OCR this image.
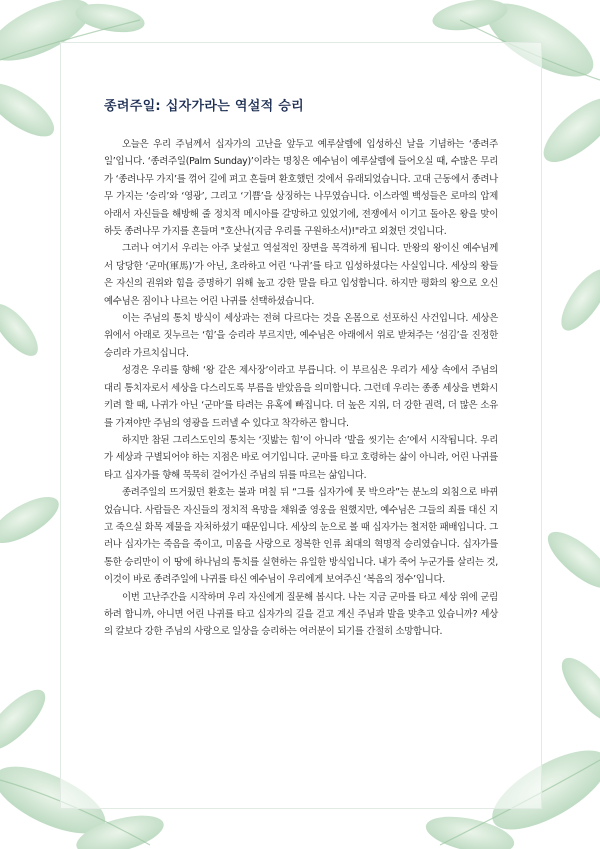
종려주일: 십자가라는 역설적 승리

오늘은 우리 주님께서 십자가의 고난을 앞두고 예루살렘에 입성하신 날을 기념하는 ‘종려주일’입니다. ‘종려주일(Palm Sunday)’이라는 명칭은 예수님이 예루살렘에 들어오실 때, 수많은 무리가 ‘종려나무 가지’를 꺾어 길에 펴고 흔들며 환호했던 것에서 유래되었습니다. 고대 근동에서 종려나무 가지는 ‘승리’와 ‘영광’, 그리고 ‘기쁨’을 상징하는 나무였습니다. 이스라엘 백성들은 로마의 압제 아래서 자신들을 해방해 줄 정치적 메시아를 갈망하고 있었기에, 전쟁에서 이기고 돌아온 왕을 맞이하듯 종려나무 가지를 흔들며 "호산나(지금 우리를 구원하소서)!"라고 외쳤던 것입니다.

그러나 여기서 우리는 아주 낯설고 역설적인 장면을 목격하게 됩니다. 만왕의 왕이신 예수님께서 당당한 ‘군마(軍馬)’가 아닌, 초라하고 어린 ‘나귀’를 타고 입성하셨다는 사실입니다. 세상의 왕들은 자신의 권위와 힘을 증명하기 위해 높고 강한 말을 타고 입성합니다. 하지만 평화의 왕으로 오신 예수님은 짐이나 나르는 어린 나귀를 선택하셨습니다.

이는 주님의 통치 방식이 세상과는 전혀 다르다는 것을 온몸으로 선포하신 사건입니다. 세상은 위에서 아래로 짓누르는 ‘힘’을 승리라 부르지만, 예수님은 아래에서 위로 받쳐주는 ‘섬김’을 진정한 승리라 가르치십니다.

성경은 우리를 향해 ‘왕 같은 제사장’이라고 부릅니다. 이 부르심은 우리가 세상 속에서 주님의 대리 통치자로서 세상을 다스리도록 부름을 받았음을 의미합니다. 그런데 우리는 종종 세상을 변화시키려 할 때, 나귀가 아닌 ‘군마’를 타려는 유혹에 빠집니다. 더 높은 지위, 더 강한 권력, 더 많은 소유를 가져야만 주님의 영광을 드러낼 수 있다고 착각하곤 합니다.

하지만 참된 그리스도인의 통치는 ‘짓밟는 힘’이 아니라 ‘발을 씻기는 손’에서 시작됩니다. 우리가 세상과 구별되어야 하는 지점은 바로 여기입니다. 군마를 타고 호령하는 삶이 아니라, 어린 나귀를 타고 십자가를 향해 묵묵히 걸어가신 주님의 뒤를 따르는 삶입니다.

종려주일의 뜨거웠던 환호는 불과 며칠 뒤 “그를 십자가에 못 박으라”는 분노의 외침으로 바뀌었습니다. 사람들은 자신들의 정치적 욕망을 채워줄 영웅을 원했지만, 예수님은 그들의 죄를 대신 지고 죽으실 화목 제물을 자처하셨기 때문입니다. 세상의 눈으로 볼 때 십자가는 철저한 패배입니다. 그러나 십자가는 죽음을 죽이고, 미움을 사랑으로 정복한 인류 최대의 혁명적 승리였습니다. 십자가를 통한 승리만이 이 땅에 하나님의 통치를 실현하는 유일한 방식입니다. 내가 죽어 누군가를 살리는 것, 이것이 바로 종려주일에 나귀를 타신 예수님이 우리에게 보여주신 ‘복음의 정수’입니다.

이번 고난주간을 시작하며 우리 자신에게 질문해 봅시다. 나는 지금 군마를 타고 세상 위에 군림하려 합니까, 아니면 어린 나귀를 타고 십자가의 길을 걷고 계신 주님과 발을 맞추고 있습니까? 세상의 칼보다 강한 주님의 사랑으로 일상을 승리하는 여러분이 되기를 간절히 소망합니다.
